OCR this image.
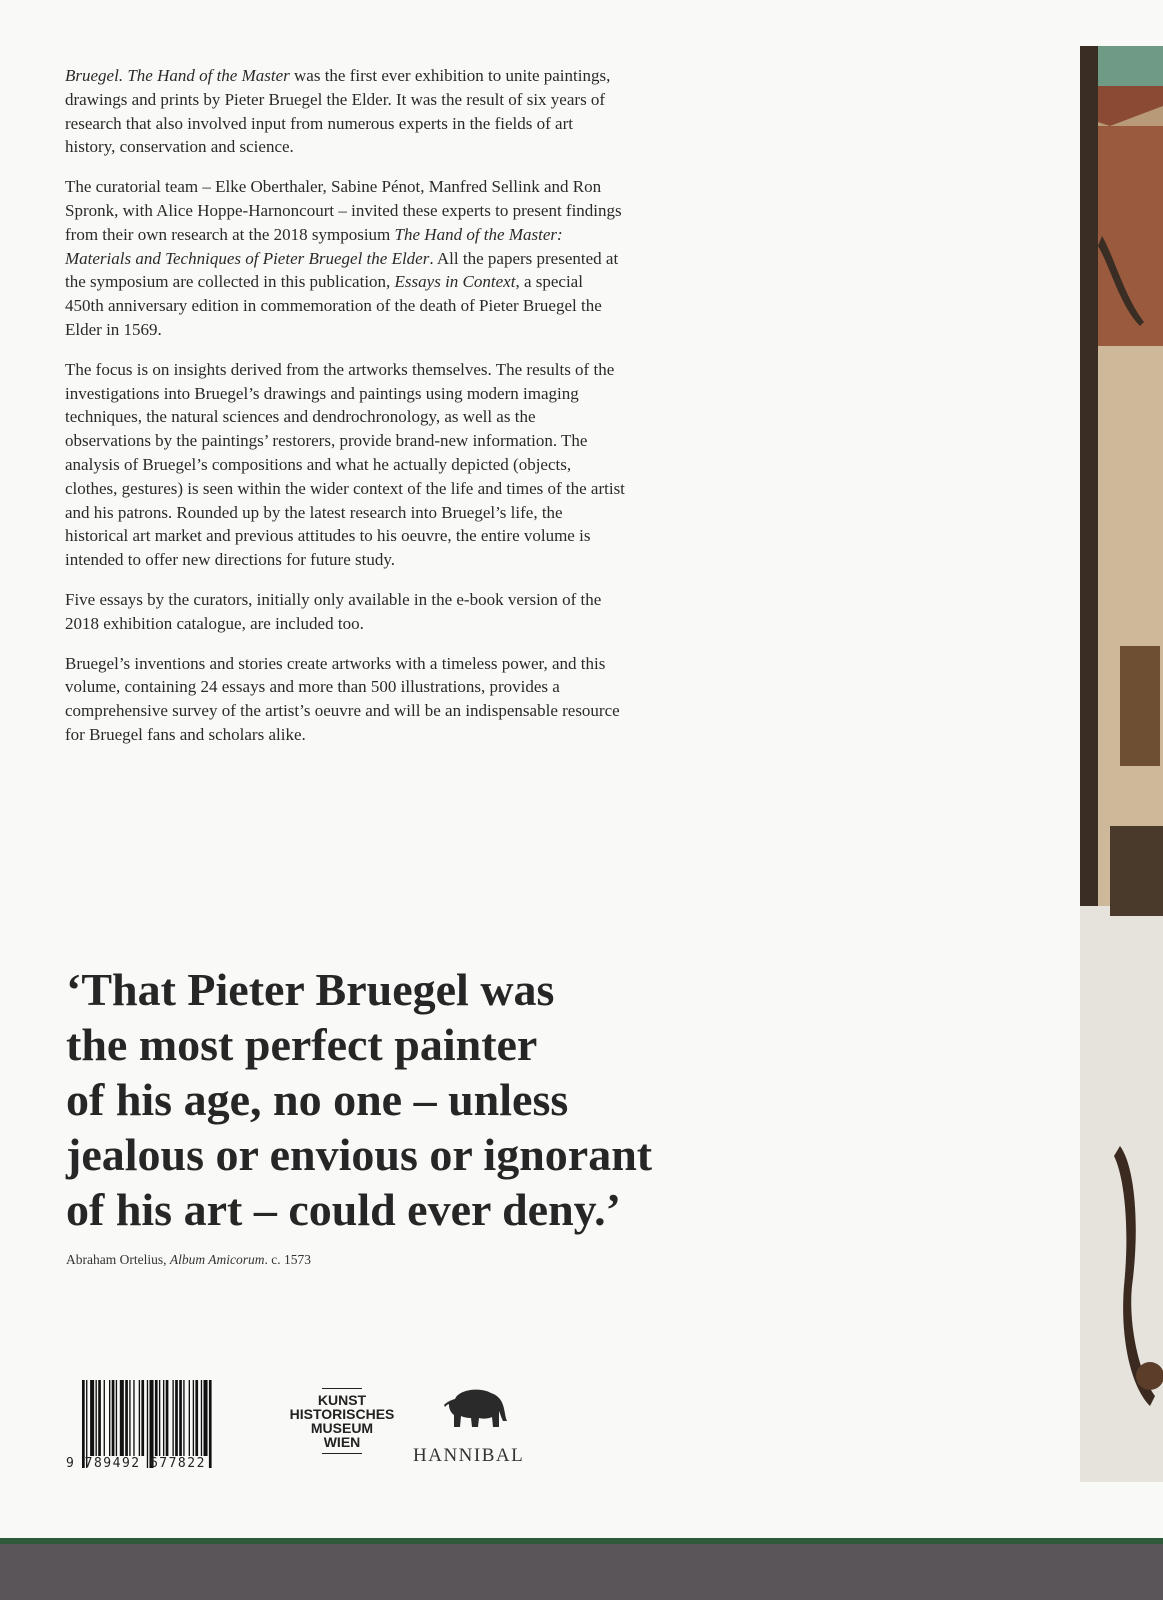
Bruegel. The Hand of the Master was the first ever exhibition to unite paintings, drawings and prints by Pieter Bruegel the Elder. It was the result of six years of research that also involved input from numerous experts in the fields of art history, conservation and science.

The curatorial team – Elke Oberthaler, Sabine Pénot, Manfred Sellink and Ron Spronk, with Alice Hoppe-Harnoncourt – invited these experts to present findings from their own research at the 2018 symposium The Hand of the Master: Materials and Techniques of Pieter Bruegel the Elder. All the papers presented at the symposium are collected in this publication, Essays in Context, a special 450th anniversary edition in commemoration of the death of Pieter Bruegel the Elder in 1569.

The focus is on insights derived from the artworks themselves. The results of the investigations into Bruegel’s drawings and paintings using modern imaging techniques, the natural sciences and dendrochronology, as well as the observations by the paintings’ restorers, provide brand-new information. The analysis of Bruegel’s compositions and what he actually depicted (objects, clothes, gestures) is seen within the wider context of the life and times of the artist and his patrons. Rounded up by the latest research into Bruegel’s life, the historical art market and previous attitudes to his oeuvre, the entire volume is intended to offer new directions for future study.

Five essays by the curators, initially only available in the e-book version of the 2018 exhibition catalogue, are included too.

Bruegel’s inventions and stories create artworks with a timeless power, and this volume, containing 24 essays and more than 500 illustrations, provides a comprehensive survey of the artist’s oeuvre and will be an indispensable resource for Bruegel fans and scholars alike.

‘That Pieter Bruegel was
the most perfect painter
of his age, no one – unless
jealous or envious or ignorant
of his art – could ever deny.’
Abraham Ortelius, Album Amicorum. c. 1573
9 789492 677822
KUNST
HISTORISCHES
MUSEUM
WIEN
HANNIBAL
